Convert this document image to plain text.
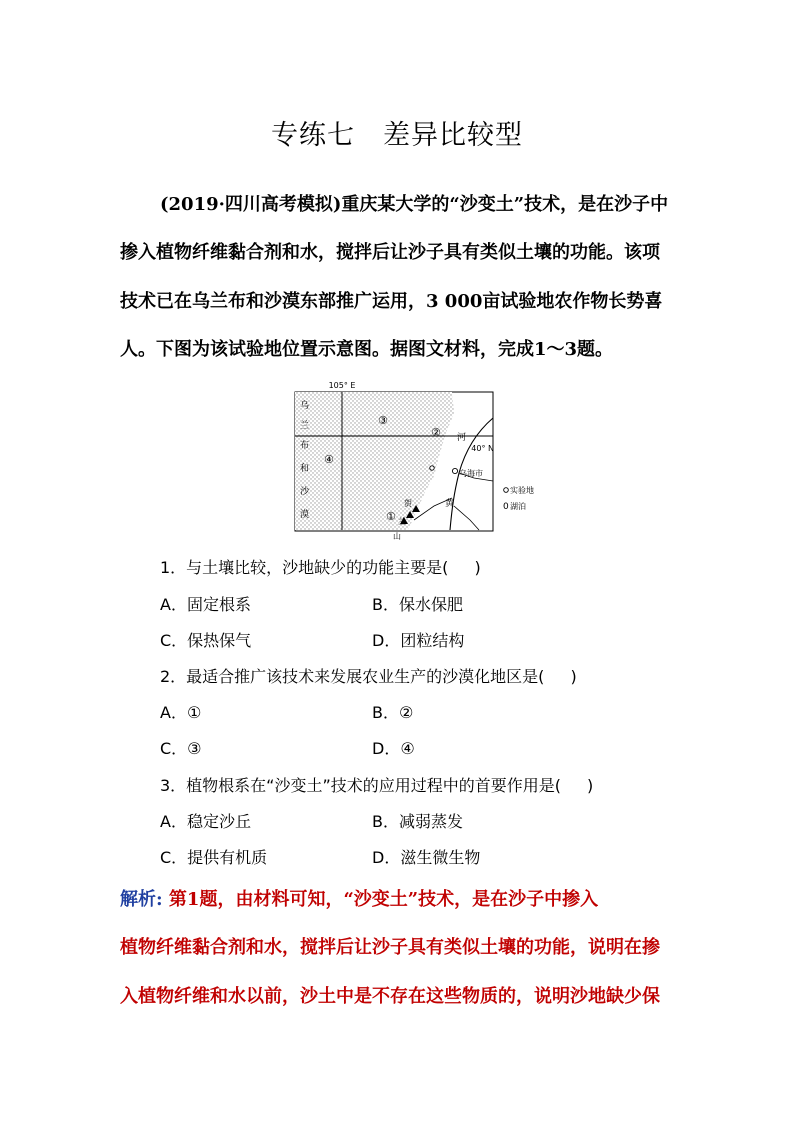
专练七　差异比较型
(2019·四川高考模拟)重庆某大学的“沙变土”技术，是在沙子中
掺入植物纤维黏合剂和水，搅拌后让沙子具有类似土壤的功能。该项
技术已在乌兰布和沙漠东部推广运用，3 000亩试验地农作物长势喜
人。下图为该试验地位置示意图。据图文材料，完成1～3题。
105° E
40° N
乌
兰
布
和
沙
漠	①
②
③
④
河
黄
乌海市
贺
兰
山
实验地
0 湖泊
1．与土壤比较，沙地缺少的功能主要是( )
A．固定根系	B．保水保肥
C．保热保气	D．团粒结构
2．最适合推广该技术来发展农业生产的沙漠化地区是( )
A．①	B．②
C．③	D．④
3．植物根系在“沙变土”技术的应用过程中的首要作用是( )
A．稳定沙丘	B．减弱蒸发
C．提供有机质	D．滋生微生物
解析: 第1题，由材料可知，“沙变土”技术，是在沙子中掺入
植物纤维黏合剂和水，搅拌后让沙子具有类似土壤的功能，说明在掺
入植物纤维和水以前，沙土中是不存在这些物质的，说明沙地缺少保
